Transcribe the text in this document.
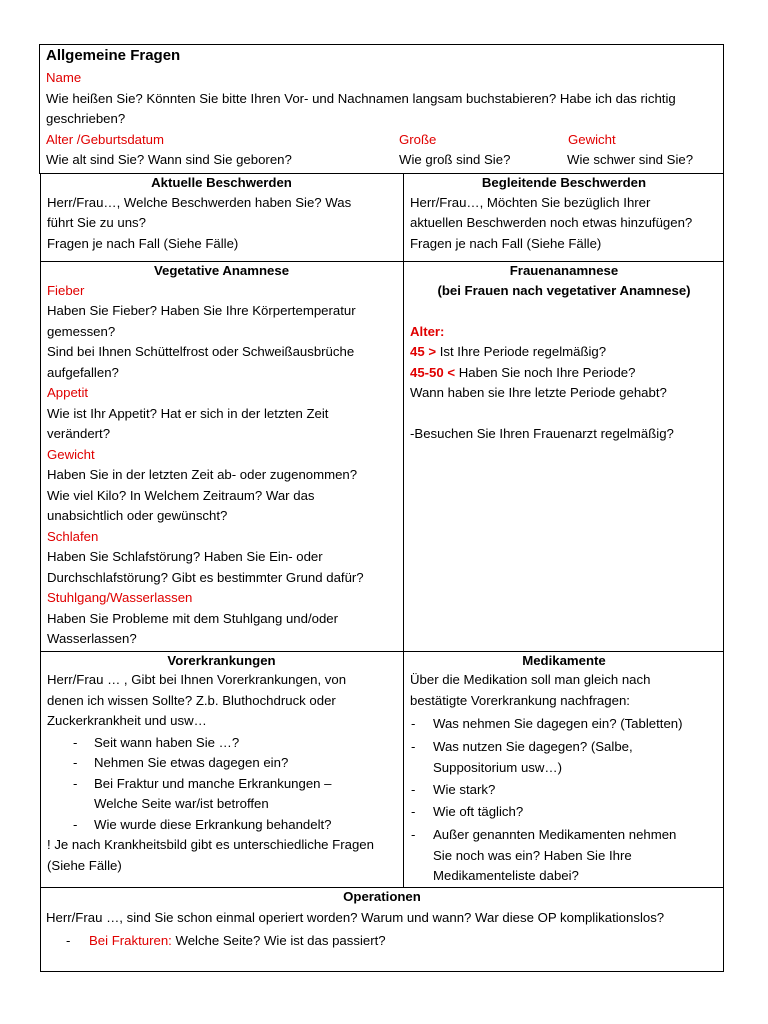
Allgemeine Fragen
Name
Wie heißen Sie? Könnten Sie bitte Ihren Vor- und Nachnamen langsam buchstabieren? Habe ich das richtig
geschrieben?
Alter /Geburtsdatum
Wie alt sind Sie? Wann sind Sie geboren?
Große
Wie groß sind Sie?
Gewicht
Wie schwer sind Sie?
Aktuelle Beschwerden
Herr/Frau…, Welche Beschwerden haben Sie? Was
führt Sie zu uns?
Fragen je nach Fall (Siehe Fälle)
Begleitende Beschwerden
Herr/Frau…, Möchten Sie bezüglich Ihrer
aktuellen Beschwerden noch etwas hinzufügen?
Fragen je nach Fall (Siehe Fälle)
Vegetative Anamnese
Fieber
Haben Sie Fieber? Haben Sie Ihre Körpertemperatur
gemessen?
Sind bei Ihnen Schüttelfrost oder Schweißausbrüche
aufgefallen?
Appetit
Wie ist Ihr Appetit? Hat er sich in der letzten Zeit
verändert?
Gewicht
Haben Sie in der letzten Zeit ab- oder zugenommen?
Wie viel Kilo? In Welchem Zeitraum? War das
unabsichtlich oder gewünscht?
Schlafen
Haben Sie Schlafstörung? Haben Sie Ein- oder
Durchschlafstörung? Gibt es bestimmter Grund dafür?
Stuhlgang/Wasserlassen
Haben Sie Probleme mit dem Stuhlgang und/oder
Wasserlassen?
Frauenanamnese
(bei Frauen nach vegetativer Anamnese)
Alter:
45 > Ist Ihre Periode regelmäßig?
45-50 < Haben Sie noch Ihre Periode?
Wann haben sie Ihre letzte Periode gehabt?
-Besuchen Sie Ihren Frauenarzt regelmäßig?
Vorerkrankungen
Herr/Frau … , Gibt bei Ihnen Vorerkrankungen, von
denen ich wissen Sollte? Z.b. Bluthochdruck oder
Zuckerkrankheit und usw…
- Seit wann haben Sie …?
- Nehmen Sie etwas dagegen ein?
- Bei Fraktur und manche Erkrankungen –
Welche Seite war/ist betroffen
- Wie wurde diese Erkrankung behandelt?
! Je nach Krankheitsbild gibt es unterschiedliche Fragen
(Siehe Fälle)
Medikamente
Über die Medikation soll man gleich nach
bestätigte Vorerkrankung nachfragen:
- Was nehmen Sie dagegen ein? (Tabletten)
- Was nutzen Sie dagegen? (Salbe,
Suppositorium usw…)
- Wie stark?
- Wie oft täglich?
- Außer genannten Medikamenten nehmen
Sie noch was ein? Haben Sie Ihre
Medikamenteliste dabei?
Operationen
Herr/Frau …, sind Sie schon einmal operiert worden? Warum und wann? War diese OP komplikationslos?
- Bei Frakturen: Welche Seite? Wie ist das passiert?
